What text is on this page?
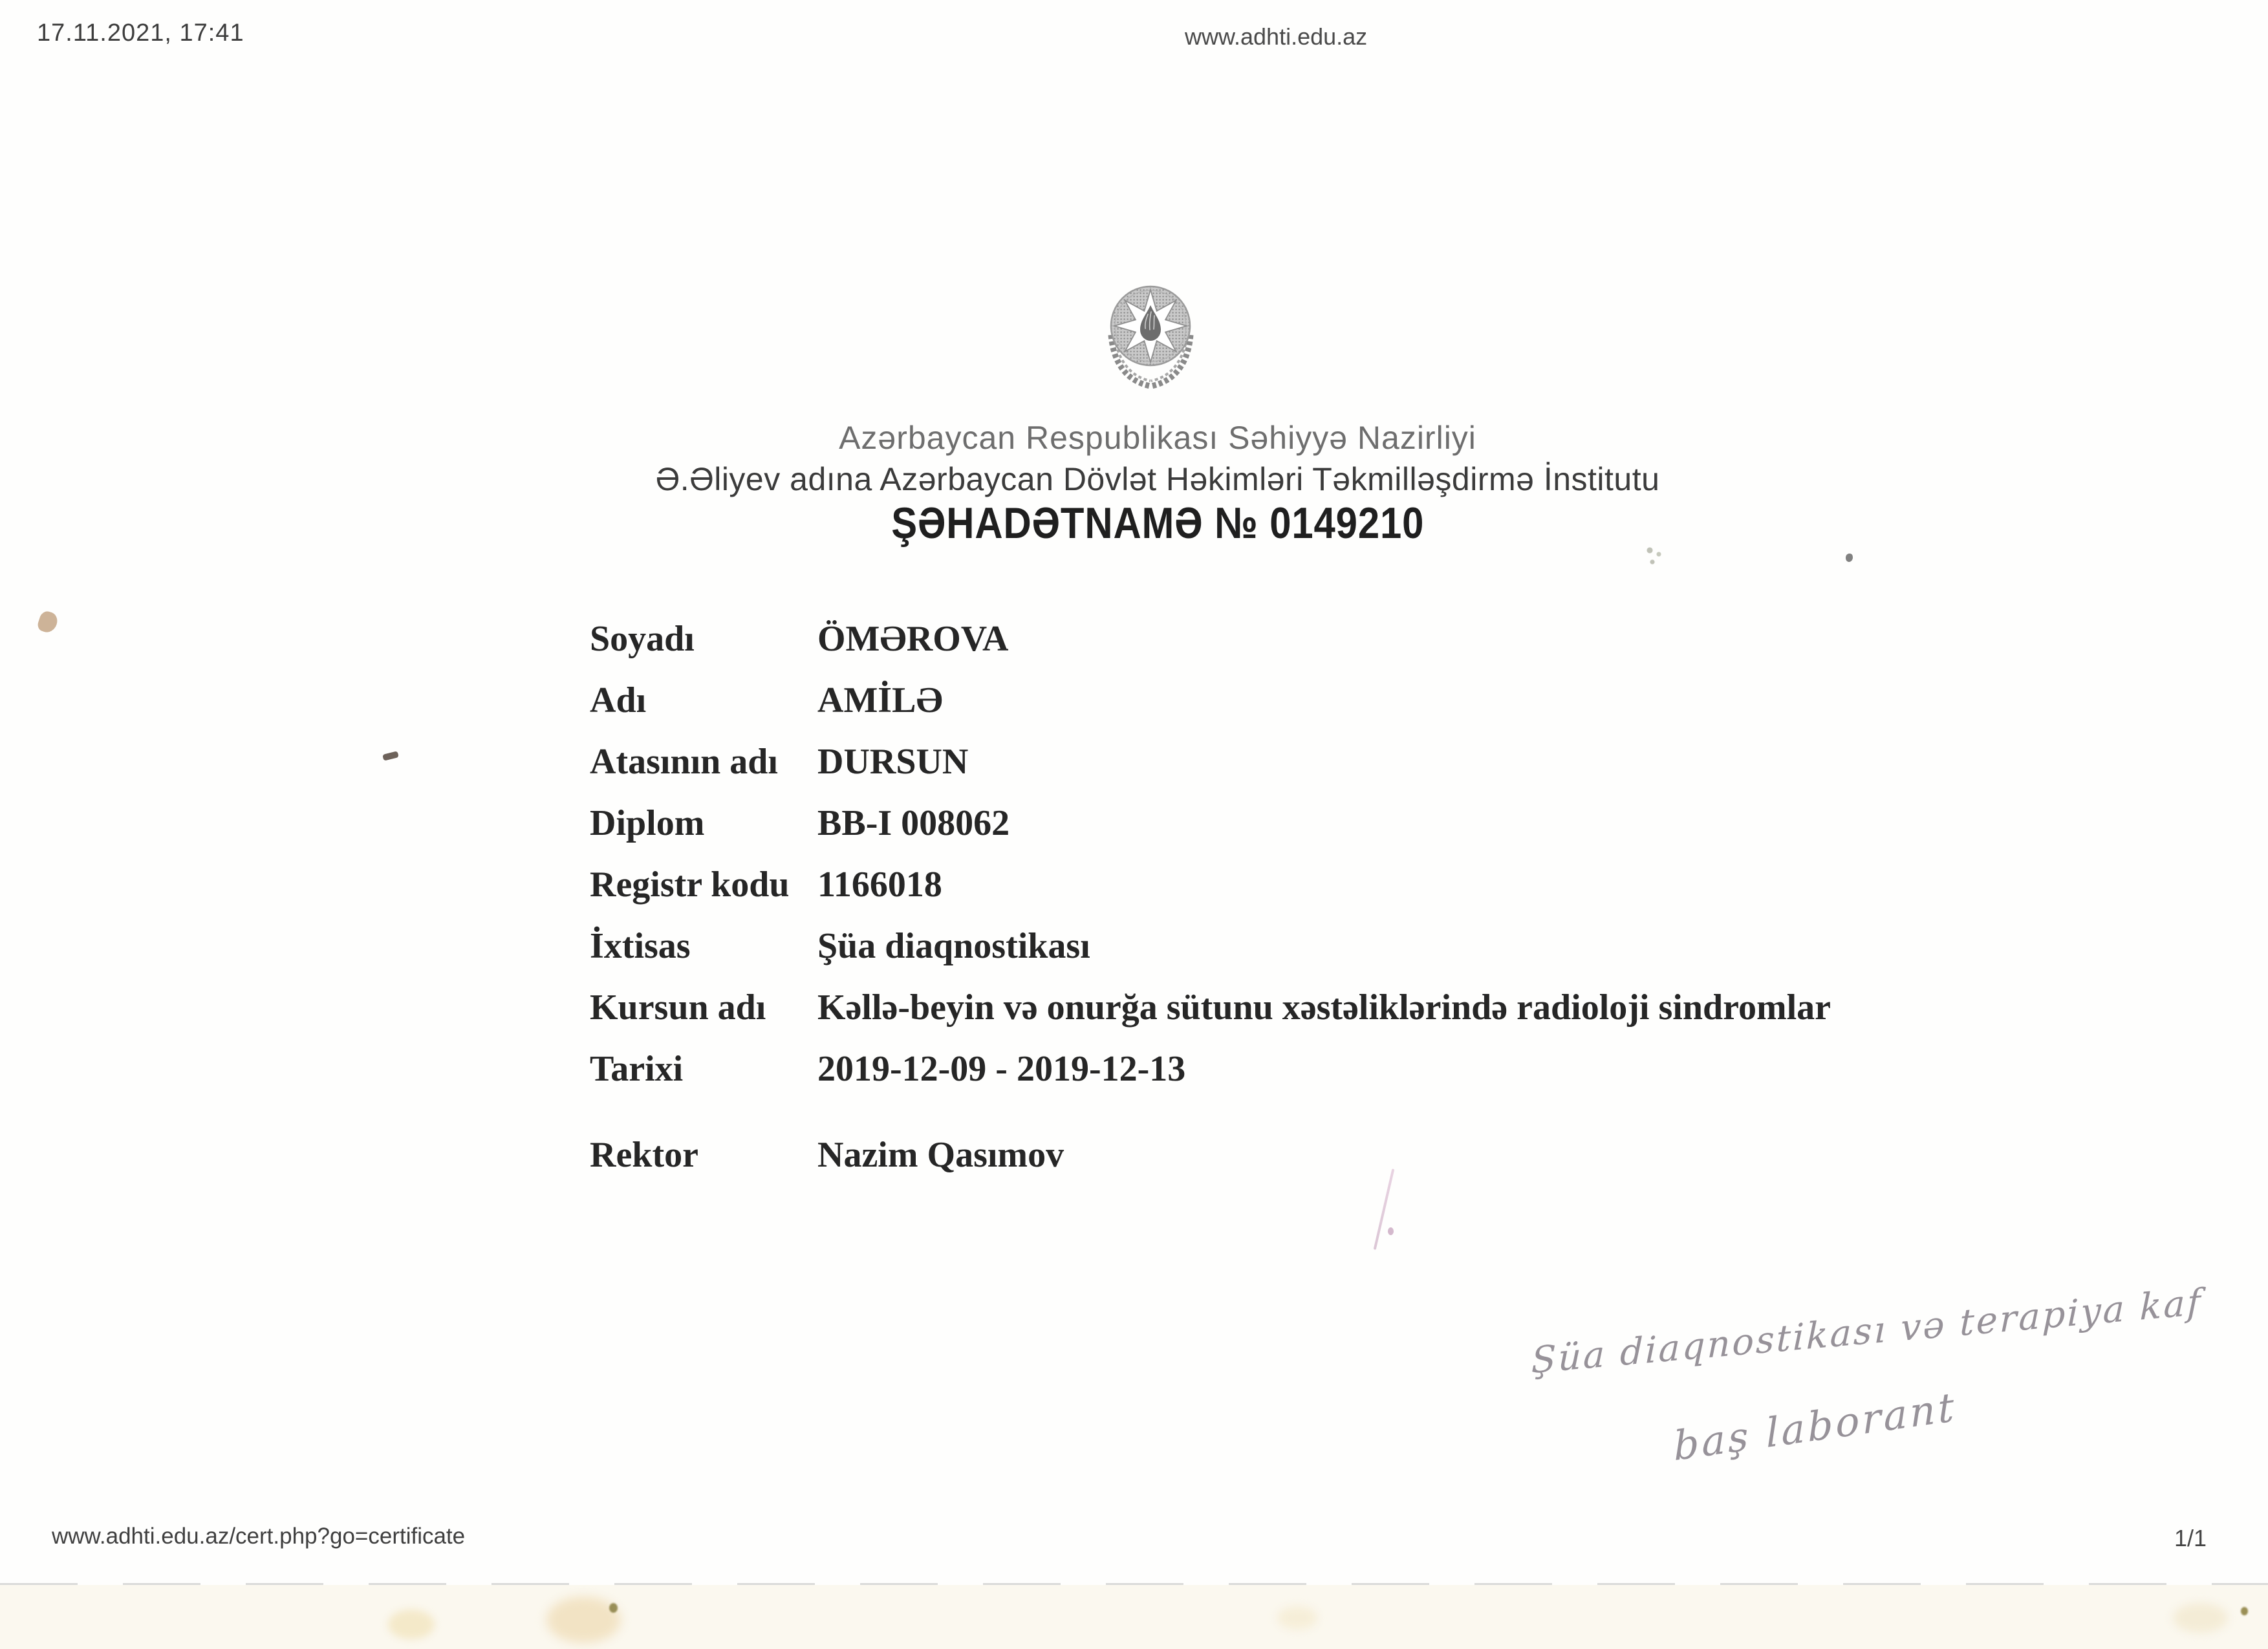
17.11.2021, 17:41	www.adhti.edu.az
Azərbaycan Respublikası Səhiyyə Nazirliyi
Ə.Əliyev adına Azərbaycan Dövlət Həkimləri Təkmilləşdirmə İnstitutu
ŞƏHADƏTNAMƏ № 0149210
Soyadı	ÖMƏROVA
Adı	AMİLƏ
Atasının adı	DURSUN
Diplom	BB-I 008062
Registr kodu 1166018
İxtisas	Şüa diaqnostikası
Kursun adı	Kəllə-beyin və onurğa sütunu xəstəliklərində radioloji sindromlar
Tarixi	2019-12-09 - 2019-12-13
Rektor	Nazim Qasımov
Şüa diaqnostikası və terapiya kaf
baş laborant
www.adhti.edu.az/cert.php?go=certificate	1/1
